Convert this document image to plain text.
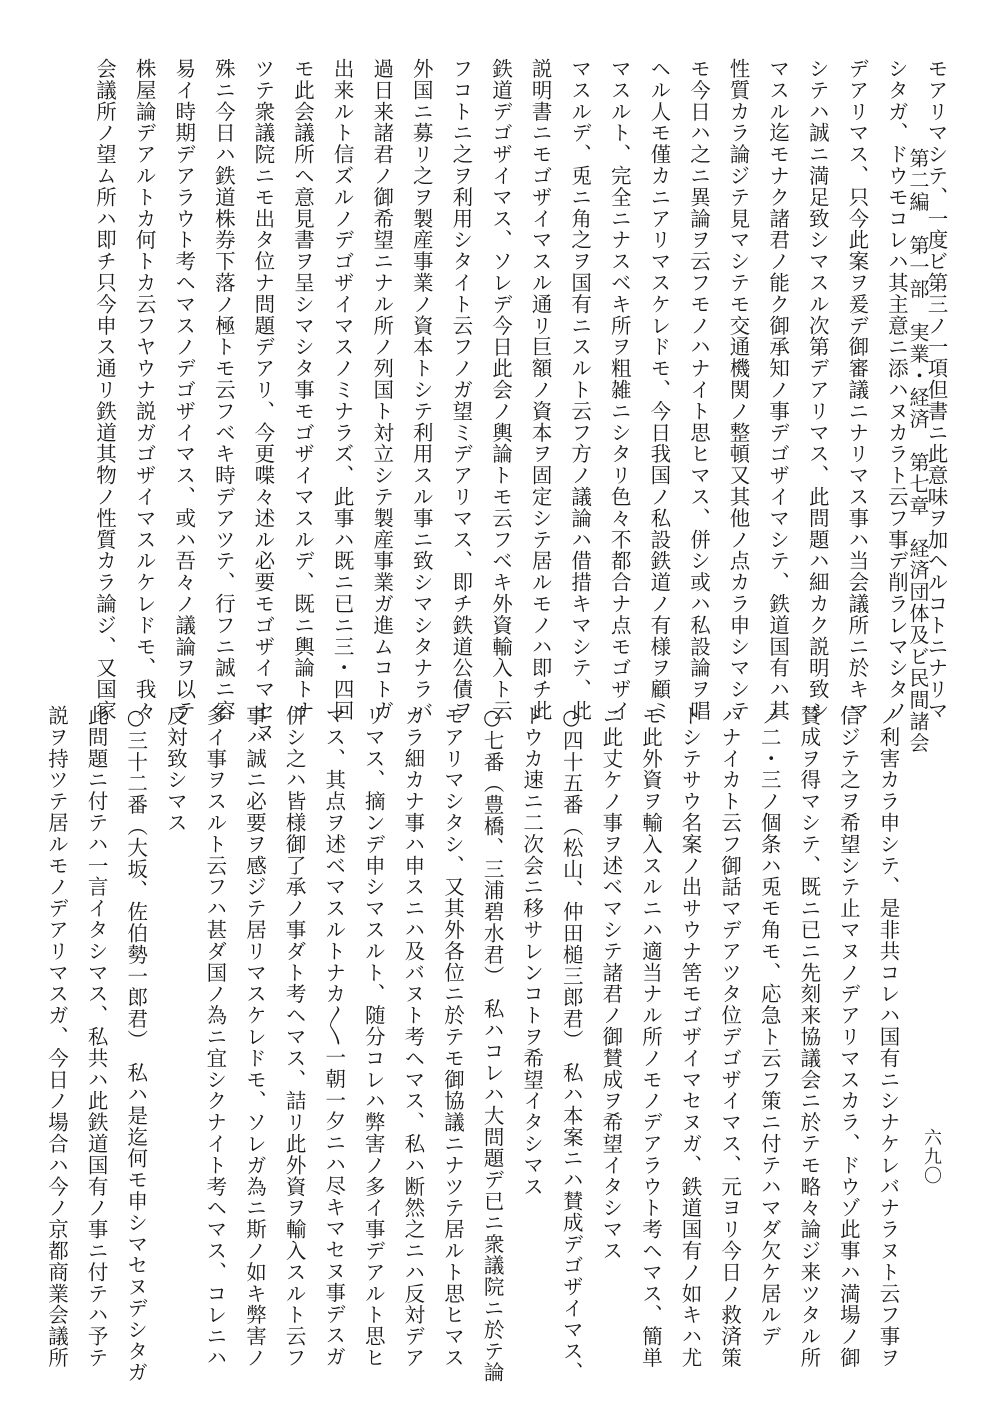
第二編第一部実業・経済第七章経済団体及ビ民間諸会
六九〇
モアリマシテ、一度ビ第三ノ一項但書ニ此意味ヲ加ヘルコトニナリマ
シタガ、ドウモコレハ其主意ニ添ハヌカラト云フ事デ削ラレマシタノ
デアリマス、只今此案ヲ爰デ御審議ニナリマス事ハ当会議所ニ於キマ
シテハ誠ニ満足致シマスル次第デアリマス、此問題ハ細カク説明致シ
マスル迄モナク諸君ノ能ク御承知ノ事デゴザイマシテ、鉄道国有ハ其
性質カラ論ジテ見マシテモ交通機関ノ整頓又其他ノ点カラ申シマシテ
モ今日ハ之ニ異論ヲ云フモノハナイト思ヒマス、併シ或ハ私設論ヲ唱
ヘル人モ僅カニアリマスケレドモ、今日我国ノ私設鉄道ノ有様ヲ顧ミ
マスルト、完全ニナスベキ所ヲ粗雑ニシタリ色々不都合ナ点モゴザイ
マスルデ、兎ニ角之ヲ国有ニスルト云フ方ノ議論ハ借措キマシテ、此
説明書ニモゴザイマスル通リ巨額ノ資本ヲ固定シテ居ルモノハ即チ此
鉄道デゴザイマス、ソレデ今日此会ノ輿論トモ云フベキ外資輸入ト云
フコトニ之ヲ利用シタイト云フノガ望ミデアリマス、即チ鉄道公債ヲ
外国ニ募リ之ヲ製産事業ノ資本トシテ利用スル事ニ致シマシタナラバ
過日来諸君ノ御希望ニナル所ノ列国ト対立シテ製産事業ガ進ムコトガ
出来ルト信ズルノデゴザイマスノミナラズ、此事ハ既ニ已ニ三・四回
モ此会議所ヘ意見書ヲ呈シマシタ事モゴザイマスルデ、既ニ輿論トナ
ツテ衆議院ニモ出タ位ナ問題デアリ、今更喋々述ル必要モゴザイマセヌ
殊ニ今日ハ鉄道株券下落ノ極トモ云フベキ時デアツテ、行フニ誠ニ容
易イ時期デアラウト考ヘマスノデゴザイマス、或ハ吾々ノ議論ヲ以テ
株屋論デアルトカ何トカ云フヤウナ説ガゴザイマスルケレドモ、我々
会議所ノ望ム所ハ即チ只今申ス通リ鉄道其物ノ性質カラ論ジ、又国家
ノ利害カラ申シテ、是非共コレハ国有ニシナケレバナラヌト云フ事ヲ
信ジテ之ヲ希望シテ止マヌノデアリマスカラ、ドウゾ此事ハ満場ノ御
賛成ヲ得マシテ、既ニ已ニ先刻来協議会ニ於テモ略々論ジ来ツタル所
ノ二・三ノ個条ハ兎モ角モ、応急ト云フ策ニ付テハマダ欠ケ居ルデ
ハナイカト云フ御話マデアツタ位デゴザイマス、元ヨリ今日ノ救済策
トシテサウ名案ノ出サウナ筈モゴザイマセヌガ、鉄道国有ノ如キハ尤
モ此外資ヲ輸入スルニハ適当ナル所ノモノデアラウト考ヘマス、簡単
ニ此丈ケノ事ヲ述ベマシテ諸君ノ御賛成ヲ希望イタシマス
○四十五番（松山、仲田槌三郎君）　私ハ本案ニハ賛成デゴザイマス、
ドウカ速ニ二次会ニ移サレンコトヲ希望イタシマス
○七番（豊橋、三浦碧水君）　私ハコレハ大問題デ已ニ衆議院ニ於テ論
モアリマシタシ、又其外各位ニ於テモ御協議ニナツテ居ルト思ヒマス
カラ細カナ事ハ申スニハ及バヌト考ヘマス、私ハ断然之ニハ反対デア
リマス、摘ンデ申シマスルト、随分コレハ弊害ノ多イ事デアルト思ヒ
マス、其点ヲ述ベマスルトナカ〳〵一朝一夕ニハ尽キマセヌ事デスガ
併シ之ハ皆様御了承ノ事ダト考ヘマス、詰リ此外資ヲ輸入スルト云フ
事ハ誠ニ必要ヲ感ジテ居リマスケレドモ、ソレガ為ニ斯ノ如キ弊害ノ
多イ事ヲスルト云フハ甚ダ国ノ為ニ宜シクナイト考ヘマス、コレニハ
反対致シマス
○三十二番（大坂、佐伯勢一郎君）　私ハ是迄何モ申シマセヌデシタガ
此問題ニ付テハ一言イタシマス、私共ハ此鉄道国有ノ事ニ付テハ予テ
説ヲ持ツテ居ルモノデアリマスガ、今日ノ場合ハ今ノ京都商業会議所
